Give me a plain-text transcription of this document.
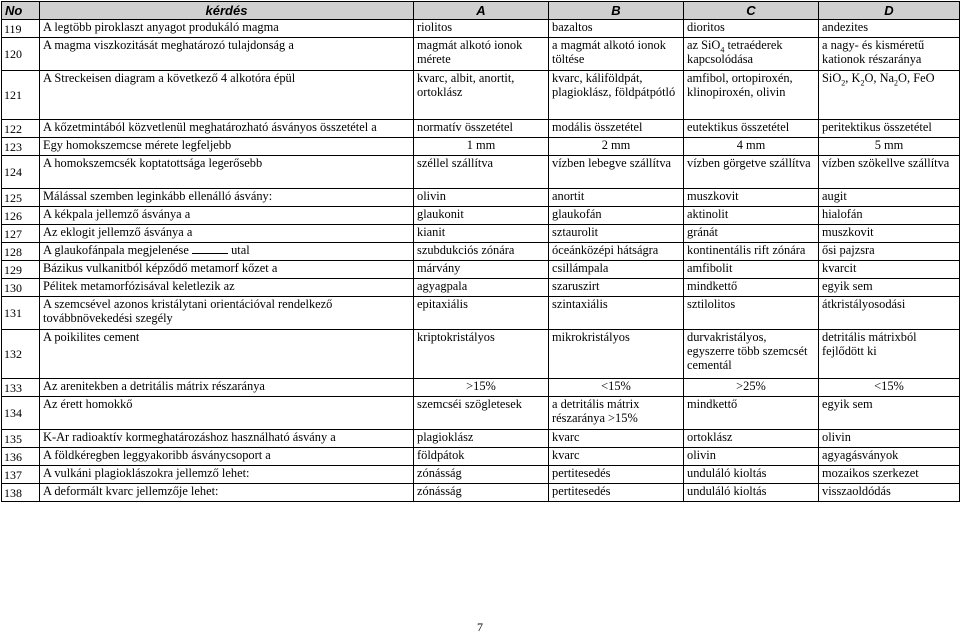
No	kérdés	A	B	C	D
119	A legtöbb piroklaszt anyagot produkáló magma	riolitos	bazaltos	dioritos	andezites
120	A magma viszkozitását meghatározó tulajdonság a	magmát alkotó ionok mérete	a magmát alkotó ionok töltése	az SiO$_4$ tetraéderek kapcsolódása	a nagy- és kisméretű kationok részaránya
121	A Streckeisen diagram a következő 4 alkotóra épül	kvarc, albit, anortit, ortoklász	kvarc, káliföldpát, plagioklász, földpátpótló	amfibol, ortopiroxén, klinopiroxén, olivin	SiO$_2$, $K_2O$, $Na_2O$, FeO
122	A kőzetmintából közvetlenül meghatározható ásványos összetétel a	normatív összetétel	modális összetétel	eutektikus összetétel	peritektikus összetétel
123	Egy homokszemcse mérete legfeljebb	1 mm	2 mm	4 mm	5 mm
124	A homokszemcsék koptatottsága legerősebb	széllel szállítva	vízben lebegve szállítva	vízben görgetve szállítva	vízben szökellve szállítva
125	Málással szemben leginkább ellenálló ásvány:	olivin	anortit	muszkovit	augit
126	A kékpala jellemző ásványa a	glaukonit	glaukofán	aktinolit	hialofán
127	Az eklogit jellemző ásványa a	kianit	sztaurolit	gránát	muszkovit
128	A glaukofánpala megjelenése utal	szubdukciós zónára	óceánközépi hátságra	kontinentális rift zónára	ősi pajzsra
129	Bázikus vulkanitból képződő metamorf kőzet a	márvány	csillámpala	amfibolit	kvarcit
130	Pélitek metamorfózisával keletlezik az	agyagpala	szaruszirt	mindkettő	egyik sem
131	A szemcsével azonos kristálytani orientációval rendelkező továbbnövekedési szegély	epitaxiális	szintaxiális	sztilolitos	átkristályosodási
132	A poikilites cement	kriptokristályos	mikrokristályos	durvakristályos, egyszerre több szemcsét cementál	detritális mátrixból fejlődött ki
133	Az arenitekben a detritális mátrix részaránya	>15%	<15%	>25%	<15%
134	Az érett homokkő	szemcséi szögletesek	a detritális mátrix részaránya >15%	mindkettő	egyik sem
135	K-Ar radioaktív kormeghatározáshoz használható ásvány a	plagioklász	kvarc	ortoklász	olivin
136	A földkéregben leggyakoribb ásványcsoport a	földpátok	kvarc	olivin	agyagásványok
137	A vulkáni plagioklászokra jellemző lehet:	zónásság	pertitesedés	unduláló kioltás	mozaikos szerkezet
138	A deformált kvarc jellemzője lehet:	zónásság	pertitesedés	unduláló kioltás	visszaoldódás
7
